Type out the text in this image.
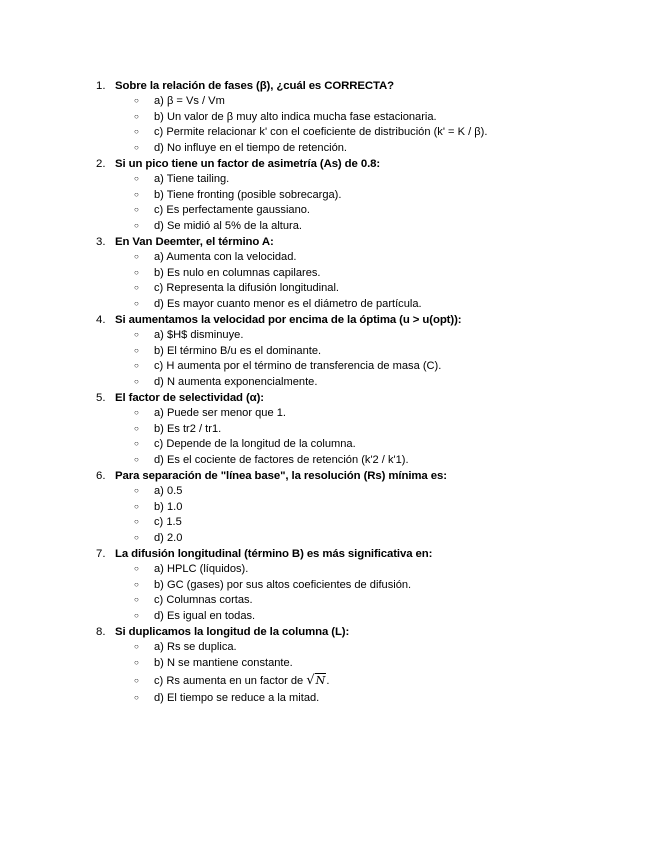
1. Sobre la relación de fases (β), ¿cuál es CORRECTA?
○	a) β = Vs / Vm
○	b) Un valor de β muy alto indica mucha fase estacionaria.
○	c) Permite relacionar k' con el coeficiente de distribución (k' = K / β).
○	d) No influye en el tiempo de retención.
2. Si un pico tiene un factor de asimetría (As) de 0.8:
○	a) Tiene tailing.
○	b) Tiene fronting (posible sobrecarga).
○	c) Es perfectamente gaussiano.
○	d) Se midió al 5% de la altura.
3. En Van Deemter, el término A:
○	a) Aumenta con la velocidad.
○	b) Es nulo en columnas capilares.
○	c) Representa la difusión longitudinal.
○	d) Es mayor cuanto menor es el diámetro de partícula.
4. Si aumentamos la velocidad por encima de la óptima (u > u(opt)):
○	a) $H$ disminuye.
○	b) El término B/u es el dominante.
○	c) H aumenta por el término de transferencia de masa (C).
○	d) N aumenta exponencialmente.
5. El factor de selectividad (α):
○	a) Puede ser menor que 1.
○	b) Es tr2 / tr1.
○	c) Depende de la longitud de la columna.
○	d) Es el cociente de factores de retención (k'2 / k'1).
6. Para separación de "línea base", la resolución (Rs) mínima es:
○	a) 0.5
○	b) 1.0
○	c) 1.5
○	d) 2.0
7. La difusión longitudinal (término B) es más significativa en:
○	a) HPLC (líquidos).
○	b) GC (gases) por sus altos coeficientes de difusión.
○	c) Columnas cortas.
○	d) Es igual en todas.
8. Si duplicamos la longitud de la columna (L):
○	a) Rs se duplica.
○	b) N se mantiene constante.
○	c) Rs aumenta en un factor de √N.
○	d) El tiempo se reduce a la mitad.
